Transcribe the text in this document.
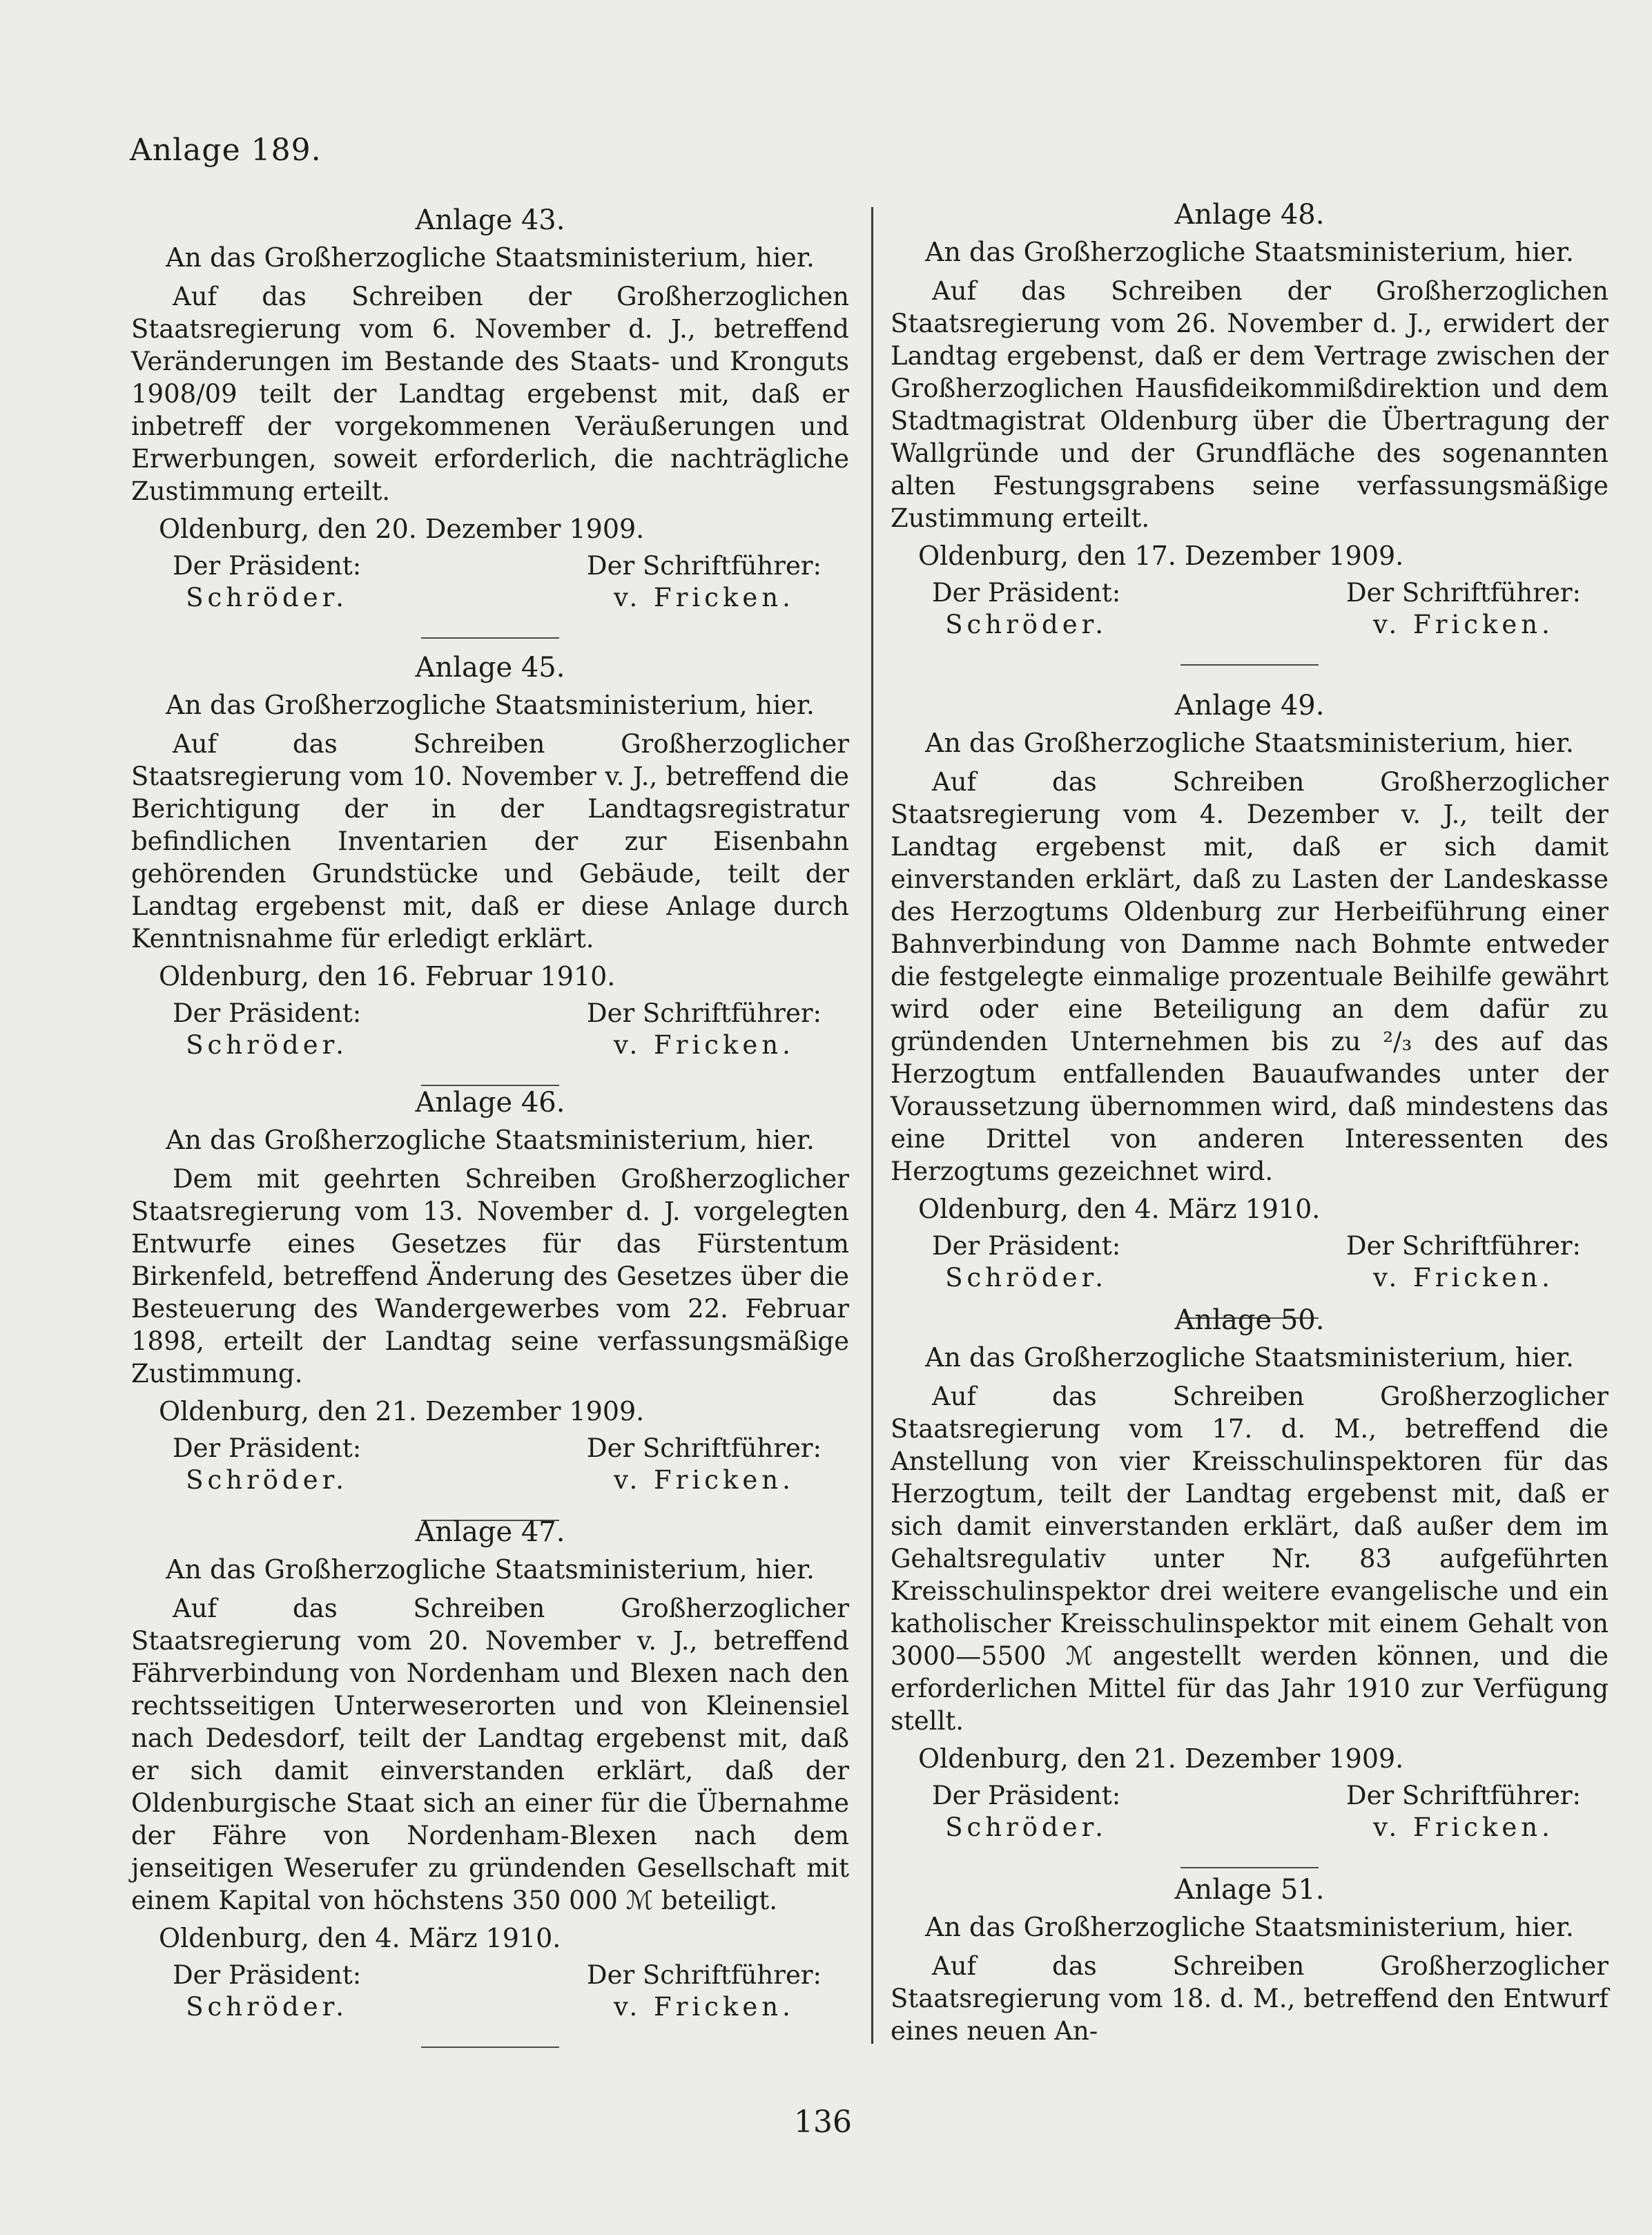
Anlage 189.

Anlage 43.

An das Großherzogliche Staatsministerium, hier.

Auf das Schreiben der Großherzoglichen Staatsregierung vom 6. November d. J., betreffend Veränderungen im Bestande des Staats- und Kronguts 1908/09 teilt der Landtag ergebenst mit, daß er inbetreff der vorgekommenen Veräußerungen und Erwerbungen, soweit erforderlich, die nachträgliche Zustimmung erteilt.

Oldenburg, den 20. Dezember 1909.

Der Präsident:
Schröder.
Der Schriftführer:
v. Fricken.

Anlage 45.

An das Großherzogliche Staatsministerium, hier.

Auf das Schreiben Großherzoglicher Staatsregierung vom 10. November v. J., betreffend die Berichtigung der in der Landtagsregistratur befindlichen Inventarien der zur Eisenbahn gehörenden Grundstücke und Gebäude, teilt der Landtag ergebenst mit, daß er diese Anlage durch Kenntnisnahme für erledigt erklärt.

Oldenburg, den 16. Februar 1910.

Der Präsident:
Schröder.
Der Schriftführer:
v. Fricken.

Anlage 46.

An das Großherzogliche Staatsministerium, hier.

Dem mit geehrten Schreiben Großherzoglicher Staatsregierung vom 13. November d. J. vorgelegten Entwurfe eines Gesetzes für das Fürstentum Birkenfeld, betreffend Änderung des Gesetzes über die Besteuerung des Wandergewerbes vom 22. Februar 1898, erteilt der Landtag seine verfassungsmäßige Zustimmung.

Oldenburg, den 21. Dezember 1909.

Der Präsident:
Schröder.
Der Schriftführer:
v. Fricken.

Anlage 47.

An das Großherzogliche Staatsministerium, hier.

Auf das Schreiben Großherzoglicher Staatsregierung vom 20. November v. J., betreffend Fährverbindung von Nordenham und Blexen nach den rechtsseitigen Unterweserorten und von Kleinensiel nach Dedesdorf, teilt der Landtag ergebenst mit, daß er sich damit einverstanden erklärt, daß der Oldenburgische Staat sich an einer für die Übernahme der Fähre von Nordenham-Blexen nach dem jenseitigen Weserufer zu gründenden Gesellschaft mit einem Kapital von höchstens 350 000 ℳ beteiligt.

Oldenburg, den 4. März 1910.

Der Präsident:
Schröder.
Der Schriftführer:
v. Fricken.

Anlage 48.

An das Großherzogliche Staatsministerium, hier.

Auf das Schreiben der Großherzoglichen Staatsregierung vom 26. November d. J., erwidert der Landtag ergebenst, daß er dem Vertrage zwischen der Großherzoglichen Hausfideikommißdirektion und dem Stadtmagistrat Oldenburg über die Übertragung der Wallgründe und der Grundfläche des sogenannten alten Festungsgrabens seine verfassungsmäßige Zustimmung erteilt.

Oldenburg, den 17. Dezember 1909.

Der Präsident:
Schröder.
Der Schriftführer:
v. Fricken.

Anlage 49.

An das Großherzogliche Staatsministerium, hier.

Auf das Schreiben Großherzoglicher Staatsregierung vom 4. Dezember v. J., teilt der Landtag ergebenst mit, daß er sich damit einverstanden erklärt, daß zu Lasten der Landeskasse des Herzogtums Oldenburg zur Herbeiführung einer Bahnverbindung von Damme nach Bohmte entweder die festgelegte einmalige prozentuale Beihilfe gewährt wird oder eine Beteiligung an dem dafür zu gründenden Unternehmen bis zu ²/₃ des auf das Herzogtum entfallenden Bauaufwandes unter der Voraussetzung übernommen wird, daß mindestens das eine Drittel von anderen Interessenten des Herzogtums gezeichnet wird.

Oldenburg, den 4. März 1910.

Der Präsident:
Schröder.
Der Schriftführer:
v. Fricken.

Anlage 50.

An das Großherzogliche Staatsministerium, hier.

Auf das Schreiben Großherzoglicher Staatsregierung vom 17. d. M., betreffend die Anstellung von vier Kreisschulinspektoren für das Herzogtum, teilt der Landtag ergebenst mit, daß er sich damit einverstanden erklärt, daß außer dem im Gehaltsregulativ unter Nr. 83 aufgeführten Kreisschulinspektor drei weitere evangelische und ein katholischer Kreisschulinspektor mit einem Gehalt von 3000—5500 ℳ angestellt werden können, und die erforderlichen Mittel für das Jahr 1910 zur Verfügung stellt.

Oldenburg, den 21. Dezember 1909.

Der Präsident:
Schröder.
Der Schriftführer:
v. Fricken.

Anlage 51.

An das Großherzogliche Staatsministerium, hier.

Auf das Schreiben Großherzoglicher Staatsregierung vom 18. d. M., betreffend den Entwurf eines neuen An-

136
